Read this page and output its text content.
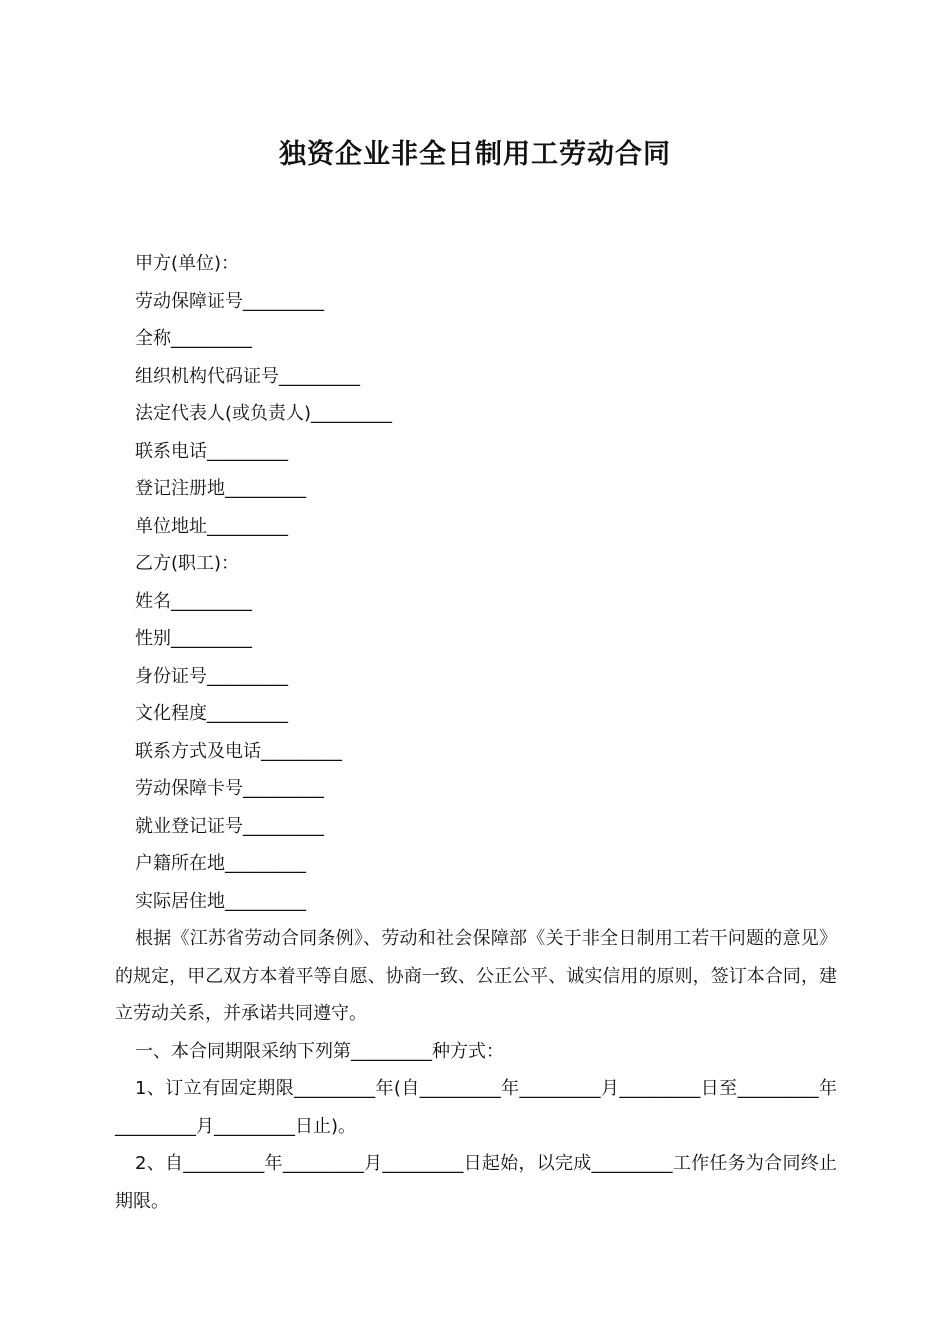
独资企业非全日制用工劳动合同

甲方(单位)：

劳动保障证号_________

全称_________

组织机构代码证号_________

法定代表人(或负责人)_________

联系电话_________

登记注册地_________

单位地址_________

乙方(职工)：

姓名_________

性别_________

身份证号_________

文化程度_________

联系方式及电话_________

劳动保障卡号_________

就业登记证号_________

户籍所在地_________

实际居住地_________

根据《江苏省劳动合同条例》、劳动和社会保障部《关于非全日制用工若干问题的意见》的规定，甲乙双方本着平等自愿、协商一致、公正公平、诚实信用的原则，签订本合同，建立劳动关系，并承诺共同遵守。

一、本合同期限采纳下列第_________种方式：

1、订立有固定期限_________年(自_________年_________月_________日至_________年_________月_________日止)。

2、自_________年_________月_________日起始，以完成_________工作任务为合同终止期限。
